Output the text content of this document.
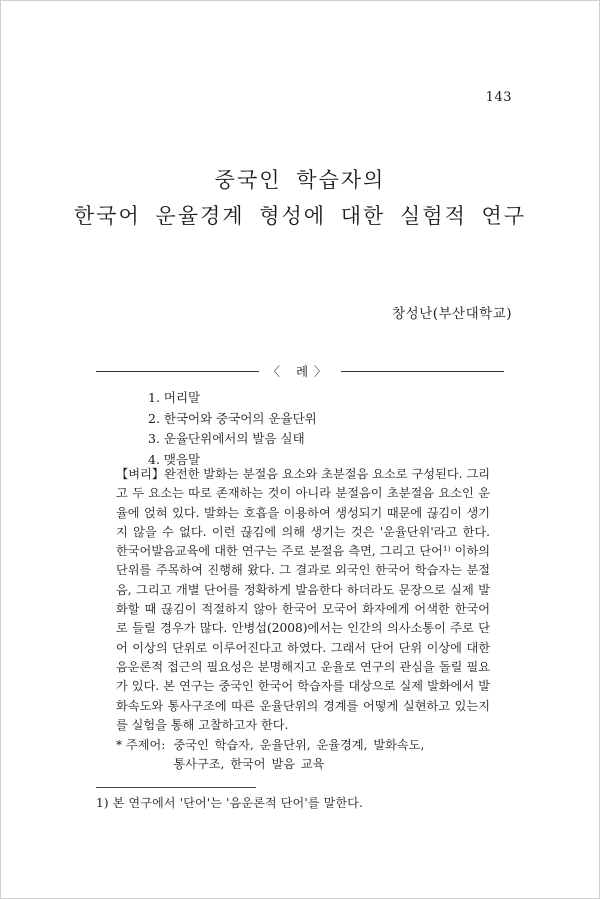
143
중국인 학습자의
한국어 운율경계 형성에 대한 실험적 연구
창성난(부산대학교)
〈 례〉
1. 머리말
2. 한국어와 중국어의 운율단위
3. 운율단위에서의 발음 실태
4. 맺음말

【벼리】완전한 발화는 분절음 요소와 초분절음 요소로 구성된다. 그리고 두 요소는 따로 존재하는 것이 아니라 분절음이 초분절음 요소인 운율에 얹혀 있다. 발화는 호흡을 이용하여 생성되기 때문에 끊김이 생기지 않을 수 없다. 이런 끊김에 의해 생기는 것은 '운율단위'라고 한다. 한국어발음교육에 대한 연구는 주로 분절음 측면, 그리고 단어$^{1)}$ 이하의 단위를 주목하여 진행해 왔다. 그 결과로 외국인 한국어 학습자는 분절음, 그리고 개별 단어를 정확하게 발음한다 하더라도 문장으로 실제 발화할 때 끊김이 적절하지 않아 한국어 모국어 화자에게 어색한 한국어로 들릴 경우가 많다. 안병섭(2008)에서는 인간의 의사소통이 주로 단어 이상의 단위로 이루어진다고 하였다. 그래서 단어 단위 이상에 대한 음운론적 접근의 필요성은 분명해지고 운율로 연구의 관심을 돌릴 필요가 있다. 본 연구는 중국인 한국어 학습자를 대상으로 실제 발화에서 발화속도와 통사구조에 따른 운율단위의 경계를 어떻게 실현하고 있는지를 실험을 통해 고찰하고자 한다.

* 주제어: 중국인 학습자, 운율단위, 운율경계, 발화속도, 통사구조, 한국어 발음 교육
1) 본 연구에서 '단어'는 '음운론적 단어'를 말한다.
